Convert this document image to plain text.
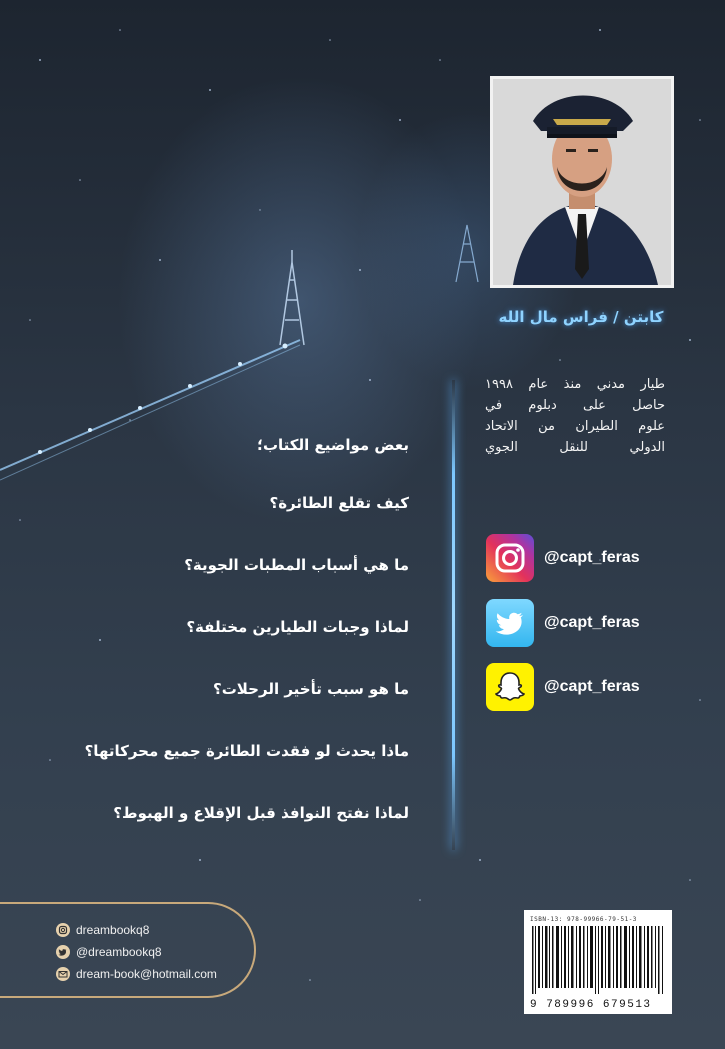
كابتن / فراس مال الله
طيار مدني منذ عام ١٩٩٨
حاصل على دبلوم في
علوم الطيران من الاتحاد
الدولي للنقل الجوي
بعض مواضيع الكتاب؛
كيف تقلع الطائرة؟
ما هي أسباب المطبات الجوية؟
لماذا وجبات الطيارين مختلفة؟
ما هو سبب تأخير الرحلات؟
ماذا يحدث لو فقدت الطائرة جميع محركاتها؟
لماذا نفتح النوافذ قبل الإقلاع و الهبوط؟
@capt_feras
@capt_feras
@capt_feras
dreambookq8
@dreambookq8
dream-book@hotmail.com
ISBN-13: 978-99966-79-51-3
9 789996 679513
